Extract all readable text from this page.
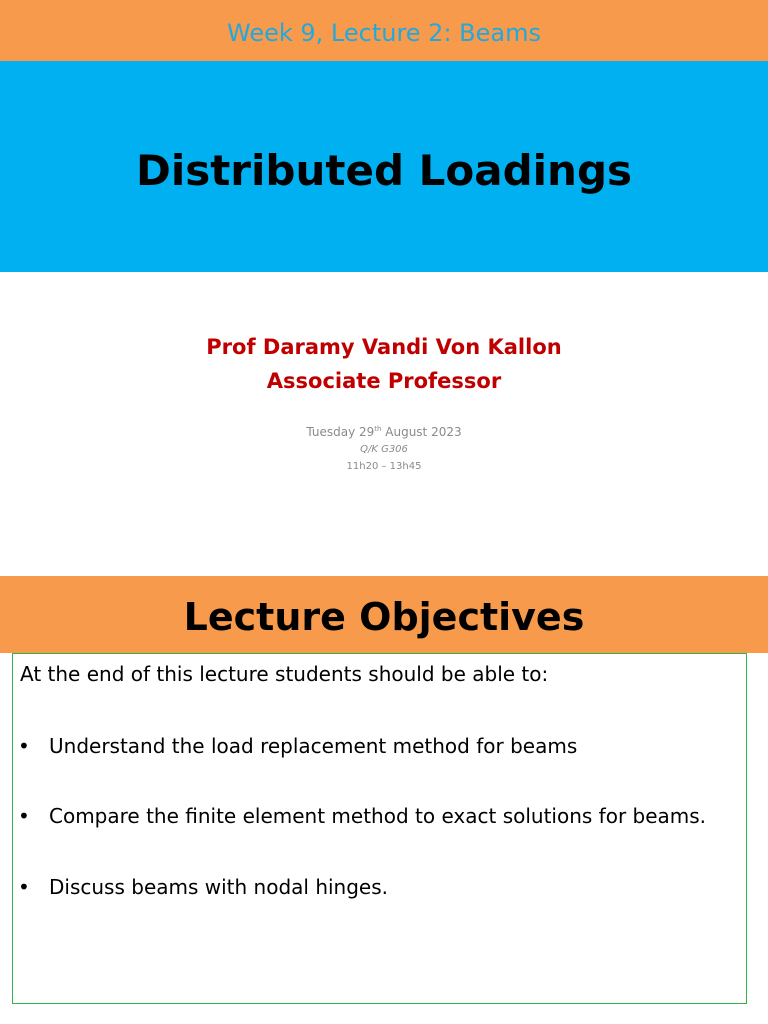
Week 9, Lecture 2: Beams
Distributed Loadings
Prof Daramy Vandi Von Kallon
Associate Professor
Tuesday 29th August 2023
Q/K G306
11h20 – 13h45
Lecture Objectives
At the end of this lecture students should be able to:
• Understand the load replacement method for beams
• Compare the finite element method to exact solutions for beams.
• Discuss beams with nodal hinges.
